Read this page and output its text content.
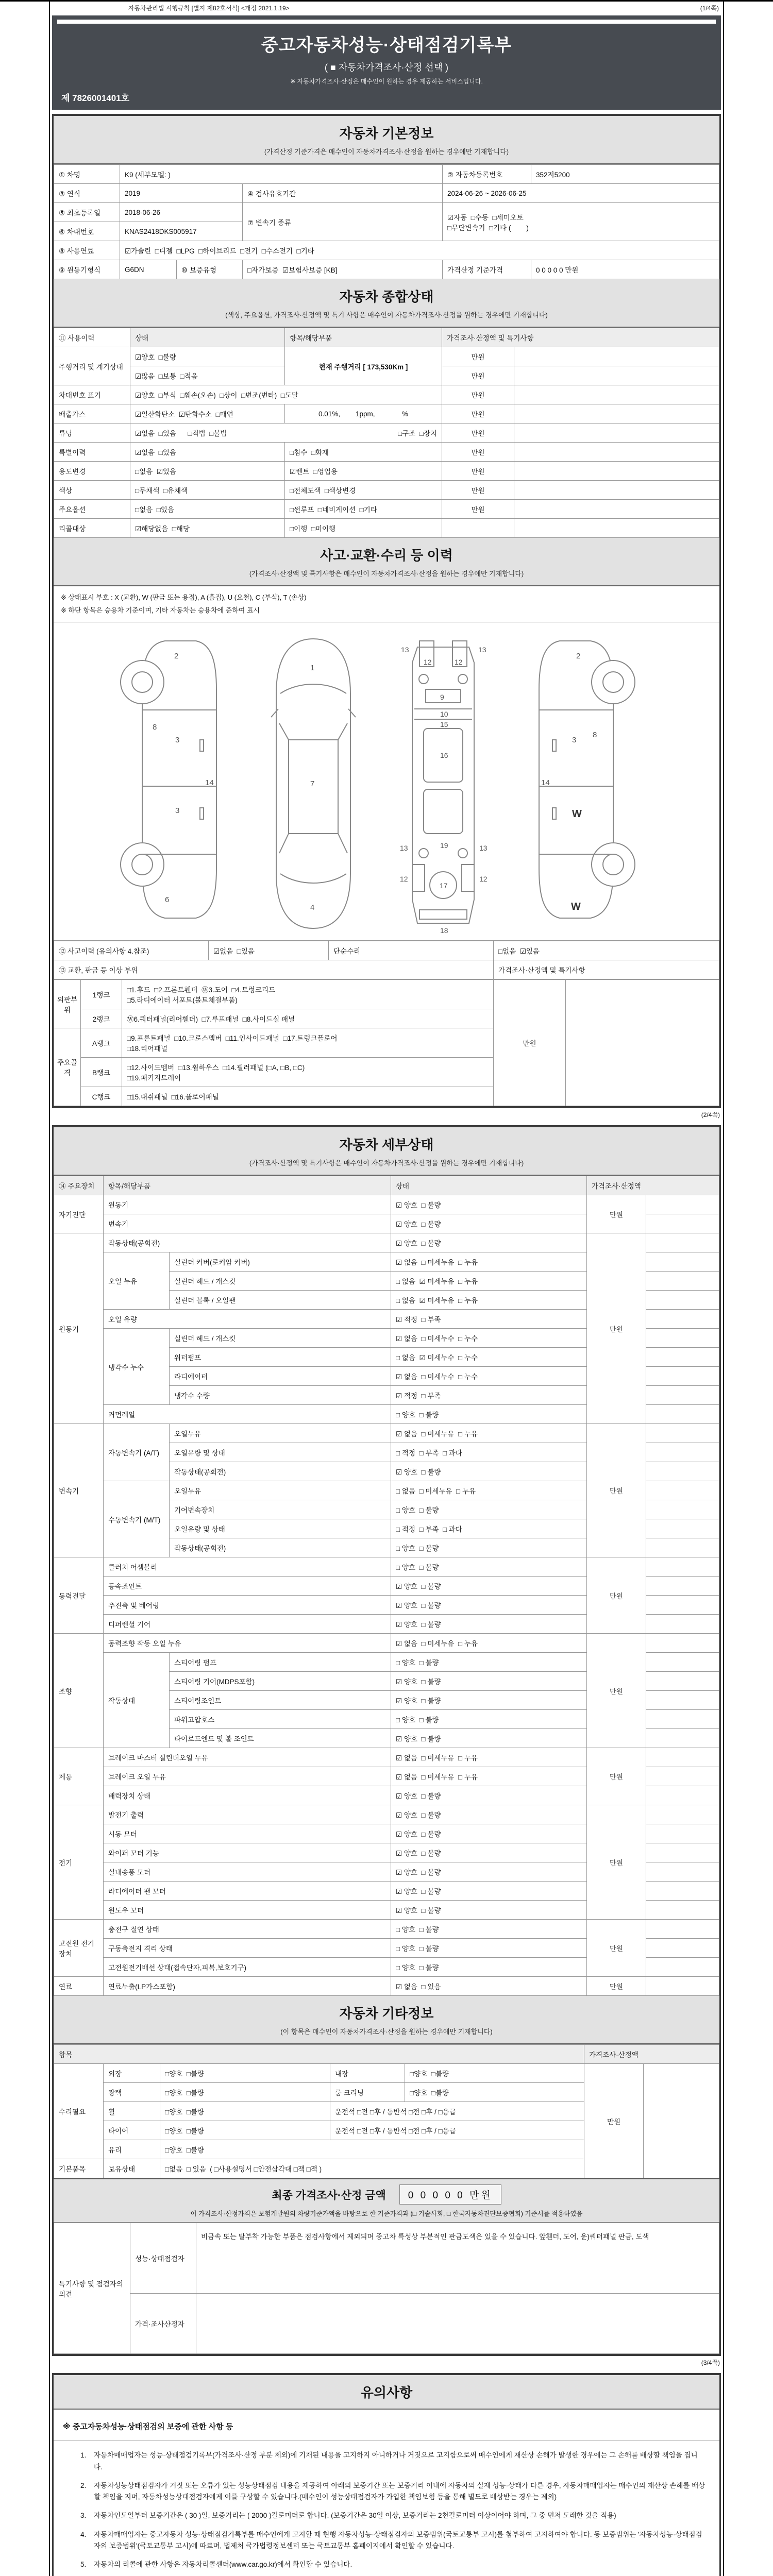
자동차관리법 시행규칙 [별지 제82호서식] <개정 2021.1.19>	(1/4쪽)
중고자동차성능·상태점검기록부
( ■ 자동차가격조사·산정 선택 )
※ 자동차가격조사·산정은 매수인이 원하는 경우 제공하는 서비스입니다.
제 7826001401호
자동차 기본정보
(가격산정 기준가격은 매수인이 자동차가격조사·산정을 원하는 경우에만 기재합니다)
① 차명	K9 (세부모델: )			② 자동차등록번호	352저5200
③ 연식	2019		④ 검사유효기간	2024-06-26 ~ 2026-06-25	
⑤ 최초등록일	2018-06-26		⑦ 변속기 종류	☑자동  □수동  □세미오토
□무단변속기  □기타 (        )	
⑥ 차대번호	KNAS2418DKS005917				
⑧ 사용연료	☑가솔린  □디젤  □LPG  □하이브리드  □전기  □수소전기  □기타				
⑨ 원동기형식	G6DN	⑩ 보증유형	□자가보증  ☑보험사보증 [KB]	가격산정 기준가격	0 0 0 0 0 만원
자동차 종합상태
(색상, 주요옵션, 가격조사·산정액 및 특기 사항은 매수인이 자동차가격조사·산정을 원하는 경우에만 기재합니다)
⑪ 사용이력	상태	항목/해당부품	가격조사·산정액 및 특기사항	
주행거리 및 계기상태	☑양호  □불량	현재 주행거리 [ 173,530Km ]	만원	
	☑많음  □보통  □적음		만원	
차대번호 표기	☑양호  □부식  □훼손(오손)  □상이  □변조(변타)  □도말		만원	
배출가스	☑일산화탄소  ☑탄화수소  □매연	0.01%,        1ppm,              %	만원	
튜닝	☑없음  □있음      □적법  □불법 □구조  □장치		만원	
특별이력	☑없음  □있음	□침수  □화재	만원	
용도변경	□없음  ☑있음	☑렌트  □영업용	만원	
색상	□무채색  □유채색	□전체도색  □색상변경	만원	
주요옵션	□없음  □있음	□썬루프  □네비게이션  □기타	만원	
리콜대상	☑해당없음  □해당	□이행  □미이행		
사고·교환·수리 등 이력
(가격조사·산정액 및 특기사항은 매수인이 자동차가격조사·산정을 원하는 경우에만 기재합니다)
※ 상태표시 부호 : X (교환), W (판금 또는 용접), A (흠집), U (요철), C (부식), T (손상)
※ 하단 항목은 승용차 기준이며, 기타 자동차는 승용차에 준하여 표시
2
8
3
14
3
6
1
7
4
13	13
12	12
9
10
15
16
19
13	13
12	12
17
18
2
3
8
14
W
W
⑫ 사고이력 (유의사항 4.참조)	☑없음  □있음	단순수리	□없음  ☑있음
⑬ 교환, 판금 등 이상 부위			가격조사·산정액 및 특기사항
외판부위	1랭크	□1.후드  □2.프론트휀더  Ⓦ3.도어  □4.트렁크리드
□5.라디에이터 서포트(볼트체결부품)	만원	
	2랭크	Ⓦ6.쿼터패널(리어휀더)  □7.루프패널  □8.사이드실 패널		
주요골격	A랭크	□9.프론트패널  □10.크로스멤버  □11.인사이드패널  □17.트렁크플로어
□18.리어패널		
	B랭크	□12.사이드멤버  □13.휠하우스  □14.필러패널 (□A, □B, □C)
□19.패키지트레이		
	C랭크	□15.대쉬패널  □16.플로어패널		
(2/4쪽)
자동차 세부상태
(가격조사·산정액 및 특기사항은 매수인이 자동차가격조사·산정을 원하는 경우에만 기재합니다)
⑭ 주요장치	항목/해당부품		상태	가격조사·산정액	
자기진단	원동기		☑ 양호  □ 불량	만원	
	변속기		☑ 양호  □ 불량		
원동기	작동상태(공회전)		☑ 양호  □ 불량	만원	
	오일 누유	실린더 커버(로커암 커버)	☑ 없음  □ 미세누유  □ 누유		
		실린더 헤드 / 개스킷	□ 없음  ☑ 미세누유  □ 누유		
		실린더 블록 / 오일팬	□ 없음  ☑ 미세누유  □ 누유		
	오일 유량		☑ 적정  □ 부족		
	냉각수 누수	실린더 헤드 / 개스킷	☑ 없음  □ 미세누수  □ 누수		
		워터펌프	□ 없음  ☑ 미세누수  □ 누수		
		라디에이터	☑ 없음  □ 미세누수  □ 누수		
		냉각수 수량	☑ 적정  □ 부족		
	커먼레일		□ 양호  □ 불량		
변속기	자동변속기 (A/T)	오일누유	☑ 없음  □ 미세누유  □ 누유	만원	
		오일유량 및 상태	□ 적정  □ 부족  □ 과다		
		작동상태(공회전)	☑ 양호  □ 불량		
	수동변속기 (M/T)	오일누유	□ 없음  □ 미세누유  □ 누유		
		기어변속장치	□ 양호  □ 불량		
		오일유량 및 상태	□ 적정  □ 부족  □ 과다		
		작동상태(공회전)	□ 양호  □ 불량		
동력전달	클러치 어셈블리		□ 양호  □ 불량	만원	
	등속죠인트		☑ 양호  □ 불량		
	추진축 및 베어링		☑ 양호  □ 불량		
	디퍼렌셜 기어		☑ 양호  □ 불량		
조향	동력조향 작동 오일 누유		☑ 없음  □ 미세누유  □ 누유	만원	
	작동상태	스티어링 펌프	□ 양호  □ 불량		
		스티어링 기어(MDPS포함)	☑ 양호  □ 불량		
		스티어링조인트	☑ 양호  □ 불량		
		파워고압호스	□ 양호  □ 불량		
		타이로드엔드 및 볼 조인트	☑ 양호  □ 불량		
제동	브레이크 마스터 실린더오일 누유		☑ 없음  □ 미세누유  □ 누유	만원	
	브레이크 오일 누유		☑ 없음  □ 미세누유  □ 누유		
	배력장치 상태		☑ 양호  □ 불량		
전기	발전기 출력		☑ 양호  □ 불량	만원	
	시동 모터		☑ 양호  □ 불량		
	와이퍼 모터 기능		☑ 양호  □ 불량		
	실내송풍 모터		☑ 양호  □ 불량		
	라디에이터 팬 모터		☑ 양호  □ 불량		
	윈도우 모터		☑ 양호  □ 불량		
고전원 전기장치	충전구 절연 상태		□ 양호  □ 불량	만원	
	구동축전지 격리 상태		□ 양호  □ 불량		
	고전원전기배선 상태(접속단자,피복,보호기구)		□ 양호  □ 불량		
연료	연료누출(LP가스포함)		☑ 없음  □ 있음	만원	
자동차 기타정보
(이 항목은 매수인이 자동차가격조사·산정을 원하는 경우에만 기재합니다)
항목					가격조사·산정액	
수리필요	외장	□양호  □불량	내장	□양호  □불량	만원	
	광택	□양호  □불량	룸 크리닝	□양호  □불량		
	휠	□양호  □불량	운전석 □전 □후 / 동반석 □전 □후 / □응급			
	타이어	□양호  □불량	운전석 □전 □후 / 동반석 □전 □후 / □응급			
	유리	□양호  □불량				
기본품목	보유상태	□없음  □ 있음  ( □사용설명서 □안전삼각대 □잭 □잭 )				
최종 가격조사·산정 금액	0 0 0 0 0 만원
이 가격조사·산정가격은 보험개발원의 차량기준가액을 바탕으로 한 기준가격과 (□ 기술사회, □ 한국자동차진단보증협회) 기준서를 적용하였음
특기사항 및 점검자의 의견	성능·상태점검자	비금속 또는 탈부착 가능한 부품은 점검사항에서 제외되며 중고차 특성상 부분적인 판금도색은 있을 수 있습니다. 앞휀더, 도어, 운)쿼터패널 판금, 도색
	가격·조사산정자	
(3/4쪽)
유의사항
※ 중고자동차성능·상태점검의 보증에 관한 사항 등
1.	자동차매매업자는 성능·상태점검기록부(가격조사·산정 부분 제외)에 기재된 내용을 고지하지 아니하거나 거짓으로 고지함으로써 매수인에게 재산상 손해가 발생한 경우에는 그 손해를 배상할 책임을 집니다.
2.	자동차성능상태점검자가 거짓 또는 오류가 있는 성능상태점검 내용을 제공하여 아래의 보증기간 또는 보증거리 이내에 자동차의 실제 성능·상태가 다른 경우, 자동차매매업자는 매수인의 재산상 손해를 배상할 책임을 지며, 자동차성능상태점검자에게 이를 구상할 수 있습니다.(매수인이 성능상태점검자가 가입한 책임보험 등을 통해 별도로 배상받는 경우는 제외)
3.	자동차인도일부터 보증기간은 ( 30 )일, 보증거리는 ( 2000 )킬로미터로 합니다. (보증기간은 30일 이상, 보증거리는 2천킬로미터 이상이어야 하며, 그 중 먼저 도래한 것을 적용)
4.	자동차매매업자는 중고자동차 성능·상태점검기록부를 매수인에게 고지할 때 현행 자동차성능·상태점검자의 보증범위(국토교통부 고시)를 첨부하여 고지하여야 합니다. 동 보증범위는 '자동차성능·상태점검자의 보증범위'(국토교통부 고시)에 따르며, 법제처 국가법령정보센터 또는 국토교통부 홈페이지에서 확인할 수 있습니다.
5.	자동차의 리콜에 관한 사항은 자동차리콜센터(www.car.go.kr)에서 확인할 수 있습니다.
